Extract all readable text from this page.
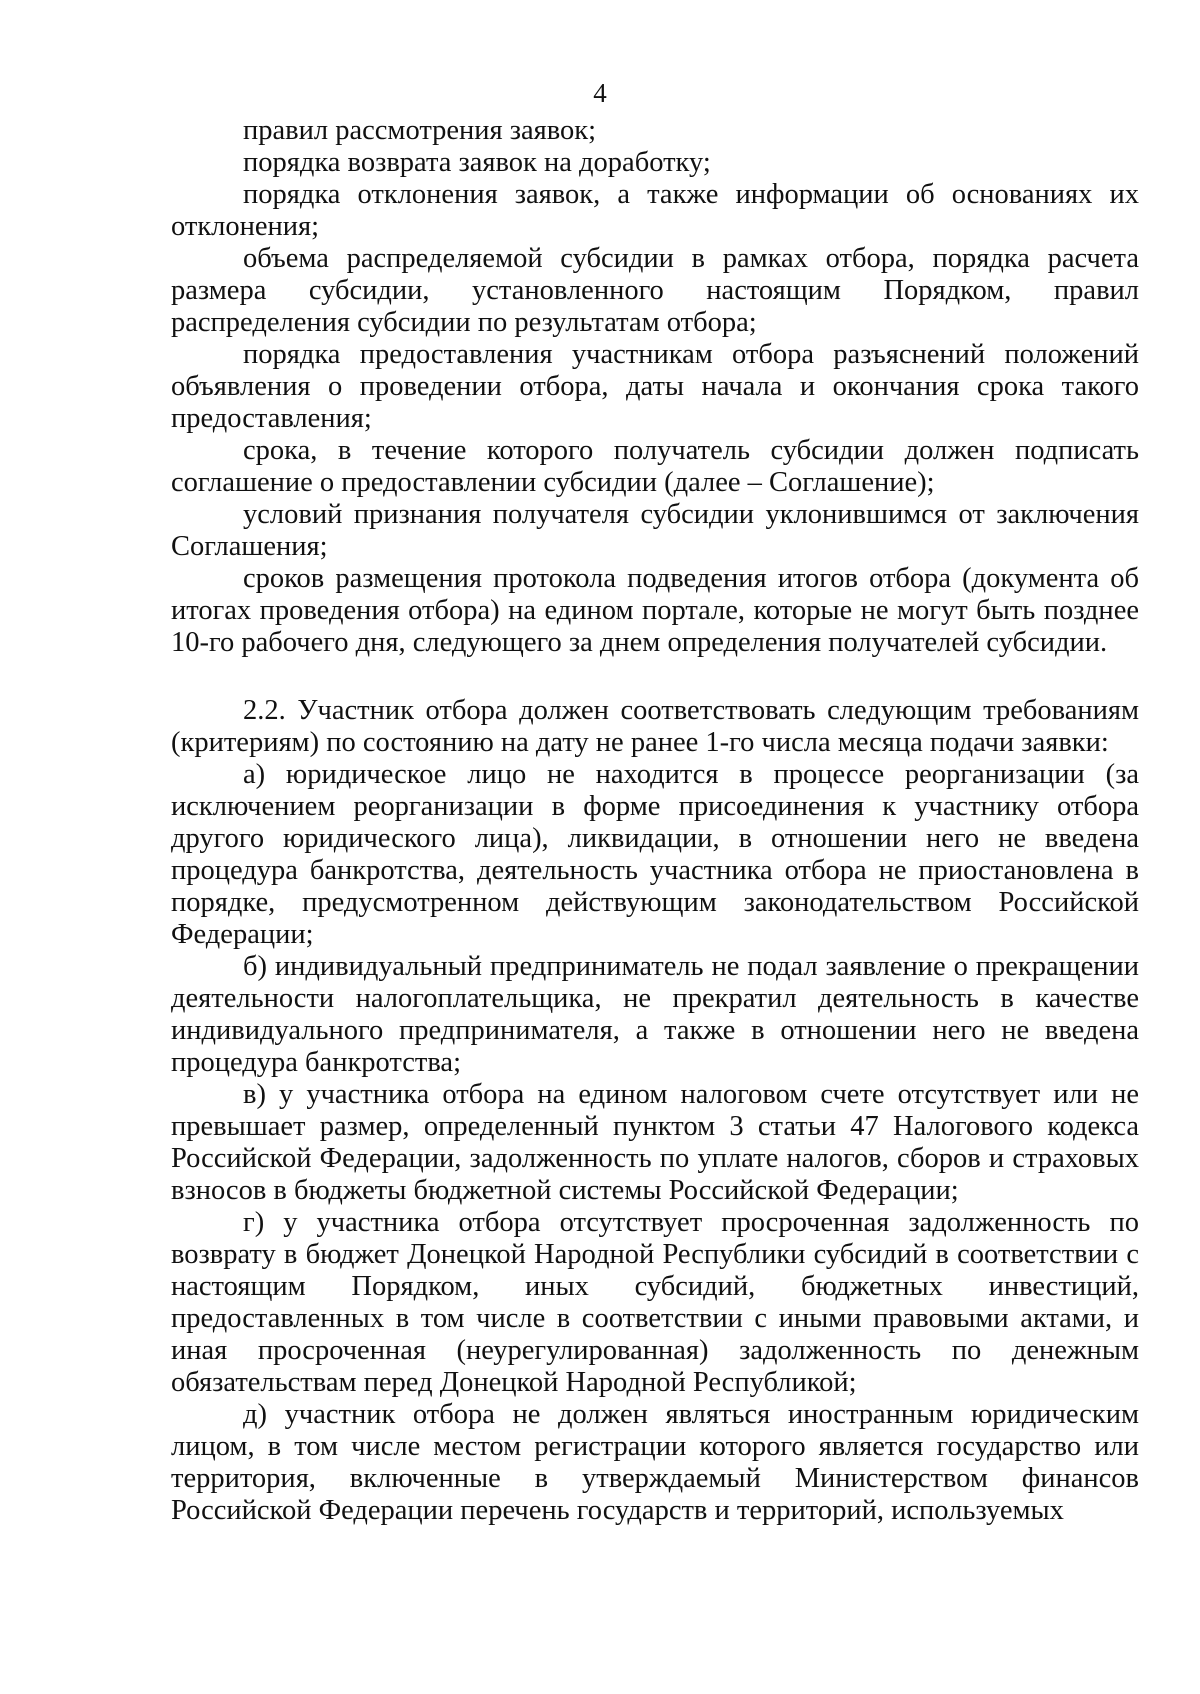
4

правил рассмотрения заявок;

порядка возврата заявок на доработку;

порядка отклонения заявок, а также информации об основаниях их отклонения;

объема распределяемой субсидии в рамках отбора, порядка расчета размера субсидии, установленного настоящим Порядком, правил распределения субсидии по результатам отбора;

порядка предоставления участникам отбора разъяснений положений объявления о проведении отбора, даты начала и окончания срока такого предоставления;

срока, в течение которого получатель субсидии должен подписать соглашение о предоставлении субсидии (далее – Соглашение);

условий признания получателя субсидии уклонившимся от заключения Соглашения;

сроков размещения протокола подведения итогов отбора (документа об итогах проведения отбора) на едином портале, которые не могут быть позднее 10-го рабочего дня, следующего за днем определения получателей субсидии.

2.2. Участник отбора должен соответствовать следующим требованиям (критериям) по состоянию на дату не ранее 1-го числа месяца подачи заявки:

а) юридическое лицо не находится в процессе реорганизации (за исключением реорганизации в форме присоединения к участнику отбора другого юридического лица), ликвидации, в отношении него не введена процедура банкротства, деятельность участника отбора не приостановлена в порядке, предусмотренном действующим законодательством Российской Федерации;

б) индивидуальный предприниматель не подал заявление о прекращении деятельности налогоплательщика, не прекратил деятельность в качестве индивидуального предпринимателя, а также в отношении него не введена процедура банкротства;

в) у участника отбора на едином налоговом счете отсутствует или не превышает размер, определенный пунктом 3 статьи 47 Налогового кодекса Российской Федерации, задолженность по уплате налогов, сборов и страховых взносов в бюджеты бюджетной системы Российской Федерации;

г) у участника отбора отсутствует просроченная задолженность по возврату в бюджет Донецкой Народной Республики субсидий в соответствии с настоящим Порядком, иных субсидий, бюджетных инвестиций, предоставленных в том числе в соответствии с иными правовыми актами, и иная просроченная (неурегулированная) задолженность по денежным обязательствам перед Донецкой Народной Республикой;

д) участник отбора не должен являться иностранным юридическим лицом, в том числе местом регистрации которого является государство или территория, включенные в утверждаемый Министерством финансов Российской Федерации перечень государств и территорий, используемых
